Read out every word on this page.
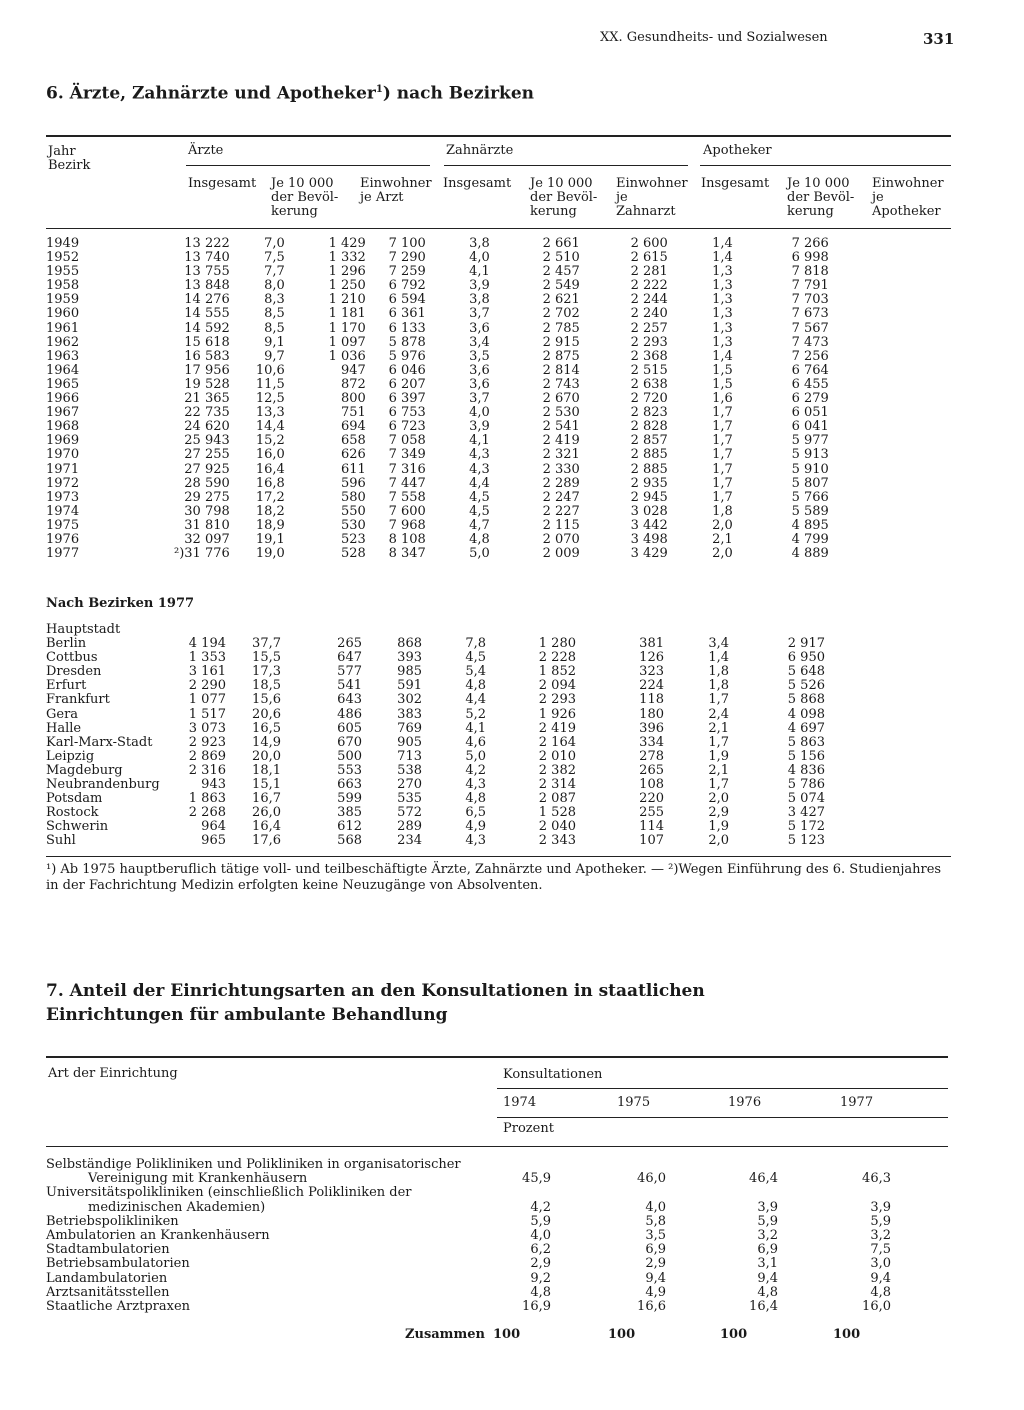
XX. Gesundheits- und Sozialwesen	331
6. Ärzte, Zahnärzte und Apotheker$^1$) nach Bezirken
Jahr
Bezirk
Ärzte	Zahnärzte	Apotheker
Insgesamt Je 10 000
der Bevöl-
kerung
Einwohner
je Arzt
Insgesamt Je 10 000
der Bevöl-
kerung
Einwohner
je
Zahnarzt
Insgesamt Je 10 000
der Bevöl-
kerung
Einwohner
je
Apotheker
1949	13 222	7,0	1 429	7 100	3,8	2 661	2 600	1,4	7 266
1952	13 740	7,5	1 332	7 290	4,0	2 510	2 615	1,4	6 998
1955	13 755	7,7	1 296	7 259	4,1	2 457	2 281	1,3	7 818
1958	13 848	8,0	1 250	6 792	3,9	2 549	2 222	1,3	7 791
1959	14 276	8,3	1 210	6 594	3,8	2 621	2 244	1,3	7 703
1960	14 555	8,5	1 181	6 361	3,7	2 702	2 240	1,3	7 673
1961	14 592	8,5	1 170	6 133	3,6	2 785	2 257	1,3	7 567
1962	15 618	9,1	1 097	5 878	3,4	2 915	2 293	1,3	7 473
1963	16 583	9,7	1 036	5 976	3,5	2 875	2 368	1,4	7 256
1964	17 956	10,6	947	6 046	3,6	2 814	2 515	1,5	6 764
1965	19 528	11,5	872	6 207	3,6	2 743	2 638	1,5	6 455
1966	21 365	12,5	800	6 397	3,7	2 670	2 720	1,6	6 279
1967	22 735	13,3	751	6 753	4,0	2 530	2 823	1,7	6 051
1968	24 620	14,4	694	6 723	3,9	2 541	2 828	1,7	6 041
1969	25 943	15,2	658	7 058	4,1	2 419	2 857	1,7	5 977
1970	27 255	16,0	626	7 349	4,3	2 321	2 885	1,7	5 913
1971	27 925	16,4	611	7 316	4,3	2 330	2 885	1,7	5 910
1972	28 590	16,8	596	7 447	4,4	2 289	2 935	1,7	5 807
1973	29 275	17,2	580	7 558	4,5	2 247	2 945	1,7	5 766
1974	30 798	18,2	550	7 600	4,5	2 227	3 028	1,8	5 589
1975	31 810	18,9	530	7 968	4,7	2 115	3 442	2,0	4 895
1976	32 097	19,1	523	8 108	4,8	2 070	3 498	2,1	4 799
1977	²)31 776	19,0	528	8 347	5,0	2 009	3 429	2,0	4 889
Nach Bezirken 1977
Hauptstadt									
Berlin	4 194	37,7	265	868	7,8	1 280	381	3,4	2 917
Cottbus	1 353	15,5	647	393	4,5	2 228	126	1,4	6 950
Dresden	3 161	17,3	577	985	5,4	1 852	323	1,8	5 648
Erfurt	2 290	18,5	541	591	4,8	2 094	224	1,8	5 526
Frankfurt	1 077	15,6	643	302	4,4	2 293	118	1,7	5 868
Gera	1 517	20,6	486	383	5,2	1 926	180	2,4	4 098
Halle	3 073	16,5	605	769	4,1	2 419	396	2,1	4 697
Karl-Marx-Stadt	2 923	14,9	670	905	4,6	2 164	334	1,7	5 863
Leipzig	2 869	20,0	500	713	5,0	2 010	278	1,9	5 156
Magdeburg	2 316	18,1	553	538	4,2	2 382	265	2,1	4 836
Neubrandenburg	943	15,1	663	270	4,3	2 314	108	1,7	5 786
Potsdam	1 863	16,7	599	535	4,8	2 087	220	2,0	5 074
Rostock	2 268	26,0	385	572	6,5	1 528	255	2,9	3 427
Schwerin	964	16,4	612	289	4,9	2 040	114	1,9	5 172
Suhl	965	17,6	568	234	4,3	2 343	107	2,0	5 123
¹) Ab 1975 hauptberuflich tätige voll- und teilbeschäftigte Ärzte, Zahnärzte und Apotheker. — ²)Wegen Einführung des 6. Studienjahres in der Fachrichtung Medizin erfolgten keine Neuzugänge von Absolventen.
7. Anteil der Einrichtungsarten an den Konsultationen in staatlichen
Einrichtungen für ambulante Behandlung
Art der Einrichtung	Konsultationen
1974	1975	1976	1977
Prozent
Selbständige Polikliniken und Polikliniken in organisatorischer				
Vereinigung mit Krankenhäusern	45,9	46,0	46,4	46,3
Universitätspolikliniken (einschließlich Polikliniken der				
medizinischen Akademien)	4,2	4,0	3,9	3,9
Betriebspolikliniken	5,9	5,8	5,9	5,9
Ambulatorien an Krankenhäusern	4,0	3,5	3,2	3,2
Stadtambulatorien	6,2	6,9	6,9	7,5
Betriebsambulatorien	2,9	2,9	3,1	3,0
Landambulatorien	9,2	9,4	9,4	9,4
Arztsanitätsstellen	4,8	4,9	4,8	4,8
Staatliche Arztpraxen	16,9	16,6	16,4	16,0
Zusammen 100	100	100	100
